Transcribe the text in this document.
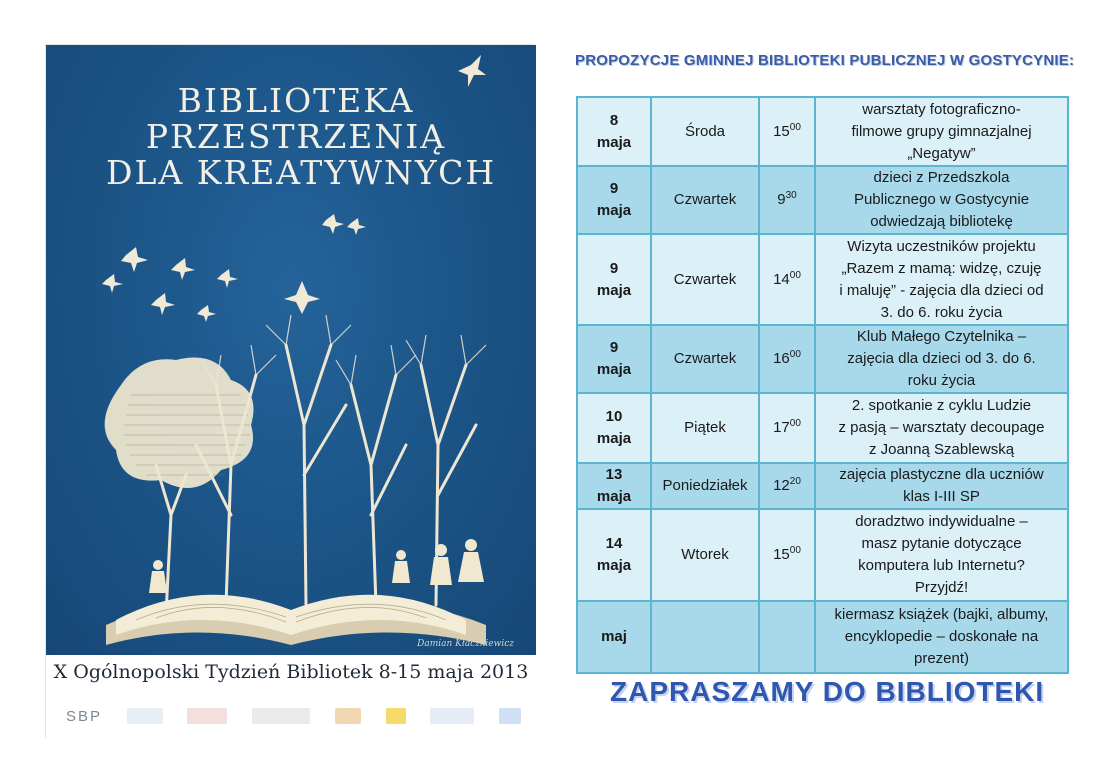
BIBLIOTEKA
PRZESTRZENIĄ
DLA KREATYWNYCH
Damian Kłaczkiewicz
X Ogólnopolski Tydzień Bibliotek 8-15 maja 2013
SBP
PROPOZYCJE GMINNEJ BIBLIOTEKI PUBLICZNEJ W GOSTYCYNIE:
8
maja	Środa	$15^{00}$	warsztaty fotograficzno-
filmowe grupy gimnazjalnej
„Negatyw”

9
maja	Czwartek	$9^{30}$	dzieci z Przedszkola
Publicznego w Gostycynie
odwiedzają bibliotekę

9
maja	Czwartek	$14^{00}$	Wizyta uczestników projektu
„Razem z mamą: widzę, czuję
i maluję” - zajęcia dla dzieci od
3. do 6. roku życia

9
maja	Czwartek	$16^{00}$	Klub Małego Czytelnika –
zajęcia dla dzieci od 3. do 6.
roku życia

10
maja	Piątek	$17^{00}$	2. spotkanie z cyklu Ludzie
z pasją – warsztaty decoupage
z Joanną Szablewską

13
maja	Poniedziałek	$12^{20}$	zajęcia plastyczne dla uczniów
klas I-III SP

14
maja	Wtorek	$15^{00}$	doradztwo indywidualne –
masz pytanie dotyczące
komputera lub Internetu?
Przyjdź!

maj			kiermasz książek (bajki, albumy,
encyklopedie – doskonałe na
prezent)
ZAPRASZAMY DO BIBLIOTEKI
